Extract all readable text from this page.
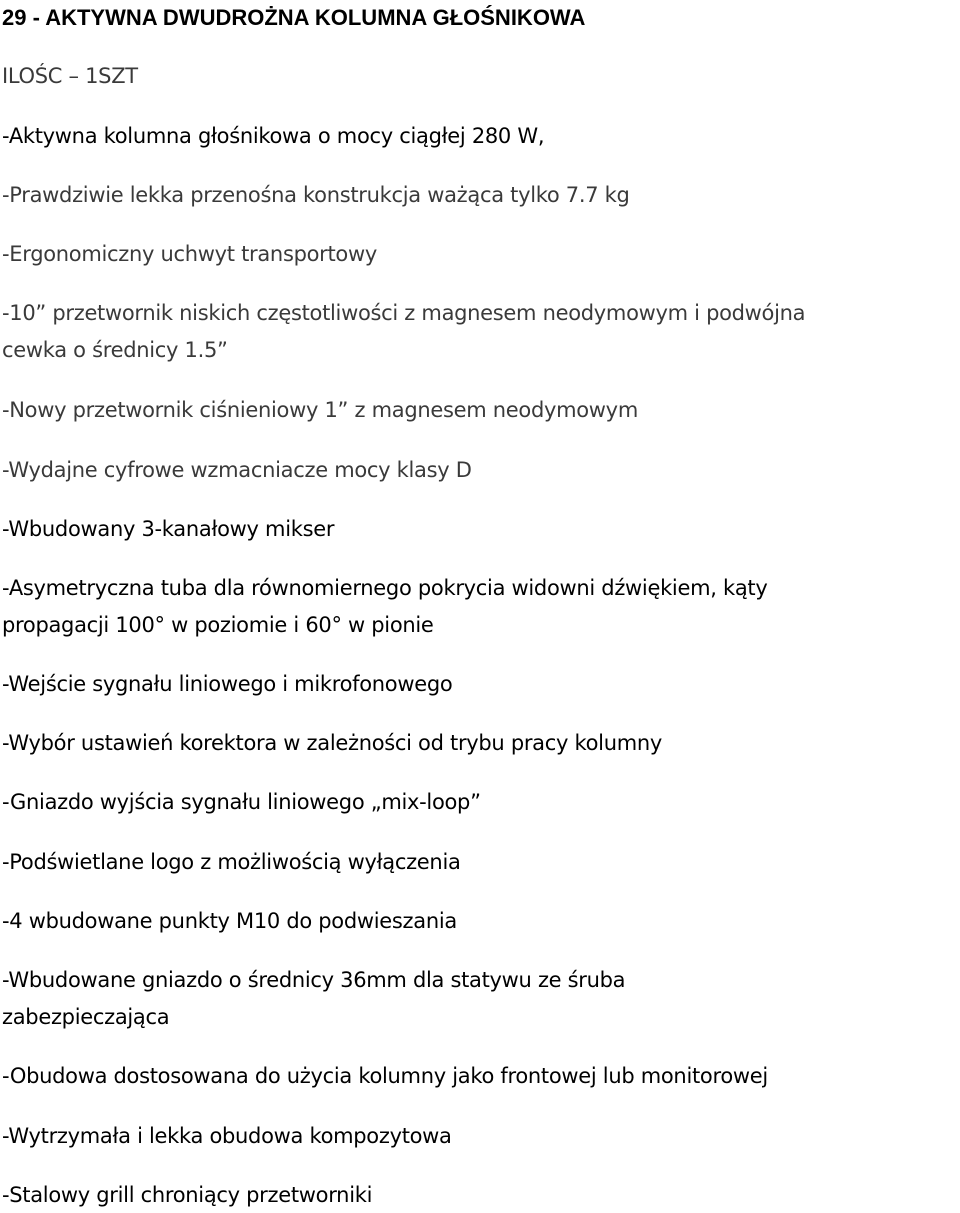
29 - AKTYWNA DWUDROŻNA KOLUMNA GŁOŚNIKOWA
ILOŚC – 1SZT
-Aktywna kolumna głośnikowa o mocy ciągłej 280 W,
-Prawdziwie lekka przenośna konstrukcja ważąca tylko 7.7 kg
-Ergonomiczny uchwyt transportowy
-10” przetwornik niskich częstotliwości z magnesem neodymowym i podwójna
cewka o średnicy 1.5”
-Nowy przetwornik ciśnieniowy 1” z magnesem neodymowym
-Wydajne cyfrowe wzmacniacze mocy klasy D
-Wbudowany 3-kanałowy mikser
-Asymetryczna tuba dla równomiernego pokrycia widowni dźwiękiem, kąty
propagacji 100° w poziomie i 60° w pionie
-Wejście sygnału liniowego i mikrofonowego
-Wybór ustawień korektora w zależności od trybu pracy kolumny
-Gniazdo wyjścia sygnału liniowego „mix-loop”
-Podświetlane logo z możliwością wyłączenia
-4 wbudowane punkty M10 do podwieszania
-Wbudowane gniazdo o średnicy 36mm dla statywu ze śruba
zabezpieczająca
-Obudowa dostosowana do użycia kolumny jako frontowej lub monitorowej
-Wytrzymała i lekka obudowa kompozytowa
-Stalowy grill chroniący przetworniki
